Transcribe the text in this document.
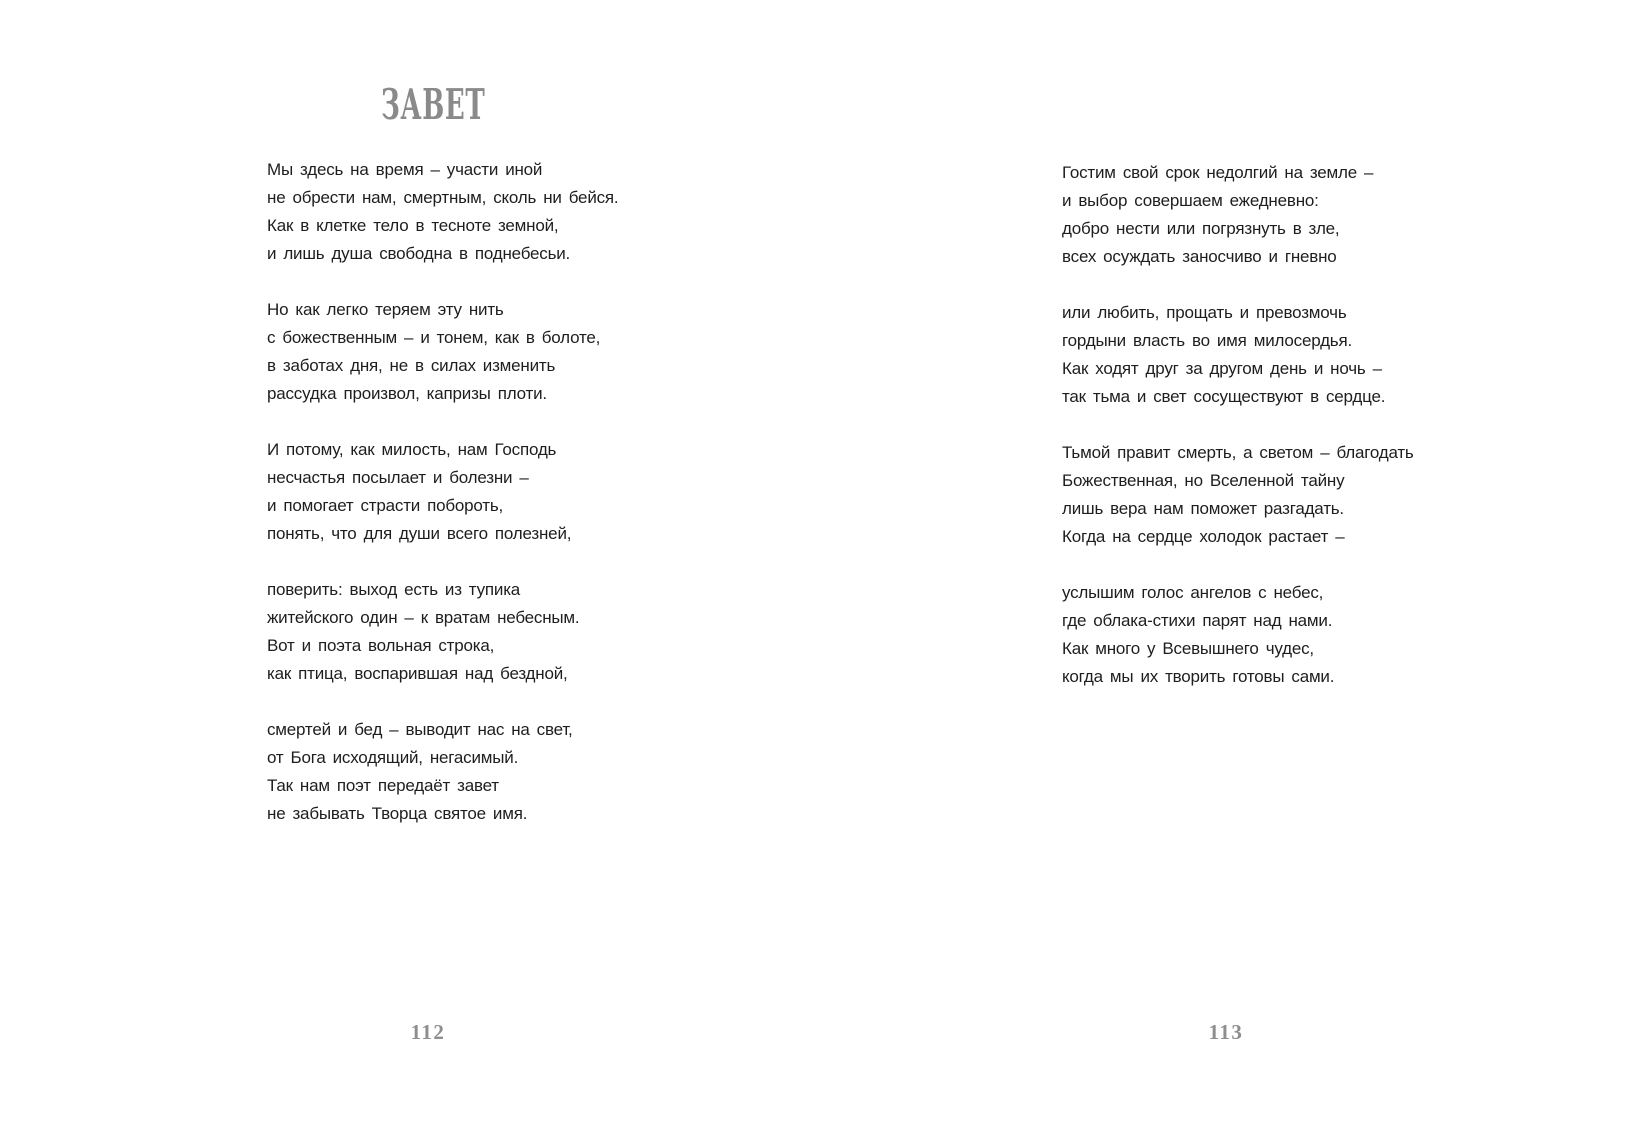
ЗАВЕТ
Мы здесь на время – участи иной
не обрести нам, смертным, сколь ни бейся.
Как в клетке тело в тесноте земной,
и лишь душа свободна в поднебесьи.
Но как легко теряем эту нить
с божественным – и тонем, как в болоте,
в заботах дня, не в силах изменить
рассудка произвол, капризы плоти.
И потому, как милость, нам Господь
несчастья посылает и болезни –
и помогает страсти побороть,
понять, что для души всего полезней,
поверить: выход есть из тупика
житейского один – к вратам небесным.
Вот и поэта вольная строка,
как птица, воспарившая над бездной,
смертей и бед – выводит нас на свет,
от Бога исходящий, негасимый.
Так нам поэт передаёт завет
не забывать Творца святое имя.
112
Гостим свой срок недолгий на земле –
и выбор совершаем ежедневно:
добро нести или погрязнуть в зле,
всех осуждать заносчиво и гневно
или любить, прощать и превозмочь
гордыни власть во имя милосердья.
Как ходят друг за другом день и ночь –
так тьма и свет сосуществуют в сердце.
Тьмой правит смерть, а светом – благодать
Божественная, но Вселенной тайну
лишь вера нам поможет разгадать.
Когда на сердце холодок растает –
услышим голос ангелов с небес,
где облака-стихи парят над нами.
Как много у Всевышнего чудес,
когда мы их творить готовы сами.
113
